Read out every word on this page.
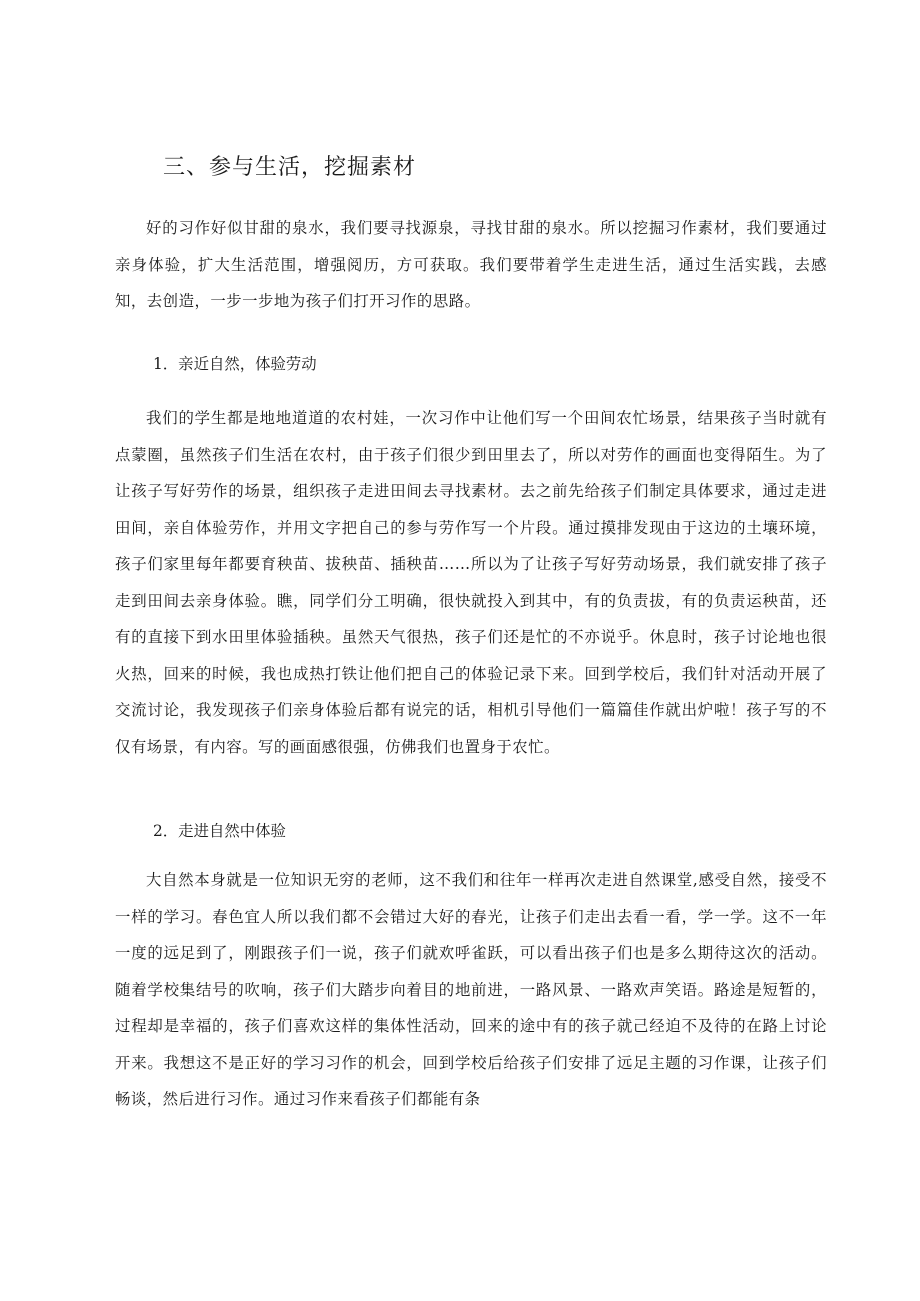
三、参与生活，挖掘素材

好的习作好似甘甜的泉水，我们要寻找源泉，寻找甘甜的泉水。所以挖掘习作素材，我们要通过亲身体验，扩大生活范围，增强阅历，方可获取。我们要带着学生走进生活，通过生活实践，去感知，去创造，一步一步地为孩子们打开习作的思路。

1．亲近自然，体验劳动

我们的学生都是地地道道的农村娃，一次习作中让他们写一个田间农忙场景，结果孩子当时就有点蒙圈，虽然孩子们生活在农村，由于孩子们很少到田里去了，所以对劳作的画面也变得陌生。为了让孩子写好劳作的场景，组织孩子走进田间去寻找素材。去之前先给孩子们制定具体要求，通过走进田间，亲自体验劳作，并用文字把自己的参与劳作写一个片段。通过摸排发现由于这边的土壤环境，孩子们家里每年都要育秧苗、拔秧苗、插秧苗……所以为了让孩子写好劳动场景，我们就安排了孩子走到田间去亲身体验。瞧，同学们分工明确，很快就投入到其中，有的负责拔，有的负责运秧苗，还有的直接下到水田里体验插秧。虽然天气很热，孩子们还是忙的不亦说乎。休息时，孩子讨论地也很火热，回来的时候，我也成热打铁让他们把自己的体验记录下来。回到学校后，我们针对活动开展了交流讨论，我发现孩子们亲身体验后都有说完的话，相机引导他们一篇篇佳作就出炉啦！孩子写的不仅有场景，有内容。写的画面感很强，仿佛我们也置身于农忙。

2．走进自然中体验

大自然本身就是一位知识无穷的老师，这不我们和往年一样再次走进自然课堂,感受自然，接受不一样的学习。春色宜人所以我们都不会错过大好的春光，让孩子们走出去看一看，学一学。这不一年一度的远足到了，刚跟孩子们一说，孩子们就欢呼雀跃，可以看出孩子们也是多么期待这次的活动。随着学校集结号的吹响，孩子们大踏步向着目的地前进，一路风景、一路欢声笑语。路途是短暂的，过程却是幸福的，孩子们喜欢这样的集体性活动，回来的途中有的孩子就己经迫不及待的在路上讨论开来。我想这不是正好的学习习作的机会，回到学校后给孩子们安排了远足主题的习作课，让孩子们畅谈，然后进行习作。通过习作来看孩子们都能有条
